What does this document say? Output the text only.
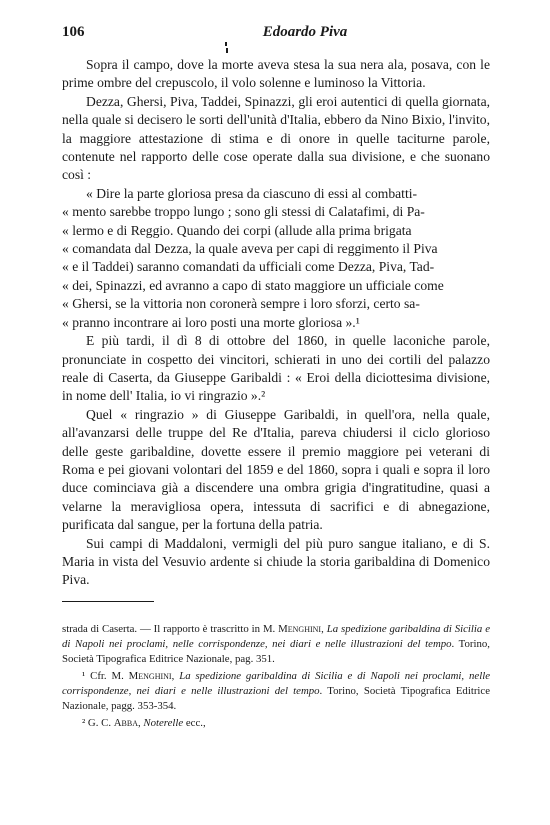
106	Edoardo Piva

Sopra il campo, dove la morte aveva stesa la sua nera ala, posava, con le prime ombre del crepuscolo, il volo solenne e luminoso la Vittoria.

Dezza, Ghersi, Piva, Taddei, Spinazzi, gli eroi autentici di quella giornata, nella quale si decisero le sorti dell'unità d'Italia, ebbero da Nino Bixio, l'invito, la maggiore attestazione di stima e di onore in quelle taciturne parole, contenute nel rapporto delle cose operate dalla sua divisione, e che suonano così :

« Dire la parte gloriosa presa da ciascuno di essi al combatti-
« mento sarebbe troppo lungo ; sono gli stessi di Calatafimi, di Pa-
« lermo e di Reggio. Quando dei corpi (allude alla prima brigata
« comandata dal Dezza, la quale aveva per capi di reggimento il Piva
« e il Taddei) saranno comandati da ufficiali come Dezza, Piva, Tad-
« dei, Spinazzi, ed avranno a capo di stato maggiore un ufficiale come
« Ghersi, se la vittoria non coronerà sempre i loro sforzi, certo sa-
« pranno incontrare ai loro posti una morte gloriosa ».¹

E più tardi, il dì 8 di ottobre del 1860, in quelle laconiche parole, pronunciate in cospetto dei vincitori, schierati in uno dei cortili del palazzo reale di Caserta, da Giuseppe Garibaldi : « Eroi della diciottesima divisione, in nome dell' Italia, io vi ringrazio ».²

Quel « ringrazio » di Giuseppe Garibaldi, in quell'ora, nella quale, all'avanzarsi delle truppe del Re d'Italia, pareva chiudersi il ciclo glorioso delle geste garibaldine, dovette essere il premio maggiore pei veterani di Roma e pei giovani volontari del 1859 e del 1860, sopra i quali e sopra il loro duce cominciava già a discendere una ombra grigia d'ingratitudine, quasi a velarne la meravigliosa opera, intessuta di sacrifici e di abnegazione, purificata dal sangue, per la fortuna della patria.

Sui campi di Maddaloni, vermigli del più puro sangue italiano, e di S. Maria in vista del Vesuvio ardente si chiude la storia garibaldina di Domenico Piva.

strada di Caserta. — Il rapporto è trascritto in M. Menghini, La spedizione garibaldina di Sicilia e di Napoli nei proclami, nelle corrispondenze, nei diari e nelle illustrazioni del tempo. Torino, Società Tipografica Editrice Nazionale, pag. 351.

¹ Cfr. M. Menghini, La spedizione garibaldina di Sicilia e di Napoli nei proclami, nelle corrispondenze, nei diari e nelle illustrazioni del tempo. Torino, Società Tipografica Editrice Nazionale, pagg. 353-354.

² G. C. Abba, Noterelle ecc.,
